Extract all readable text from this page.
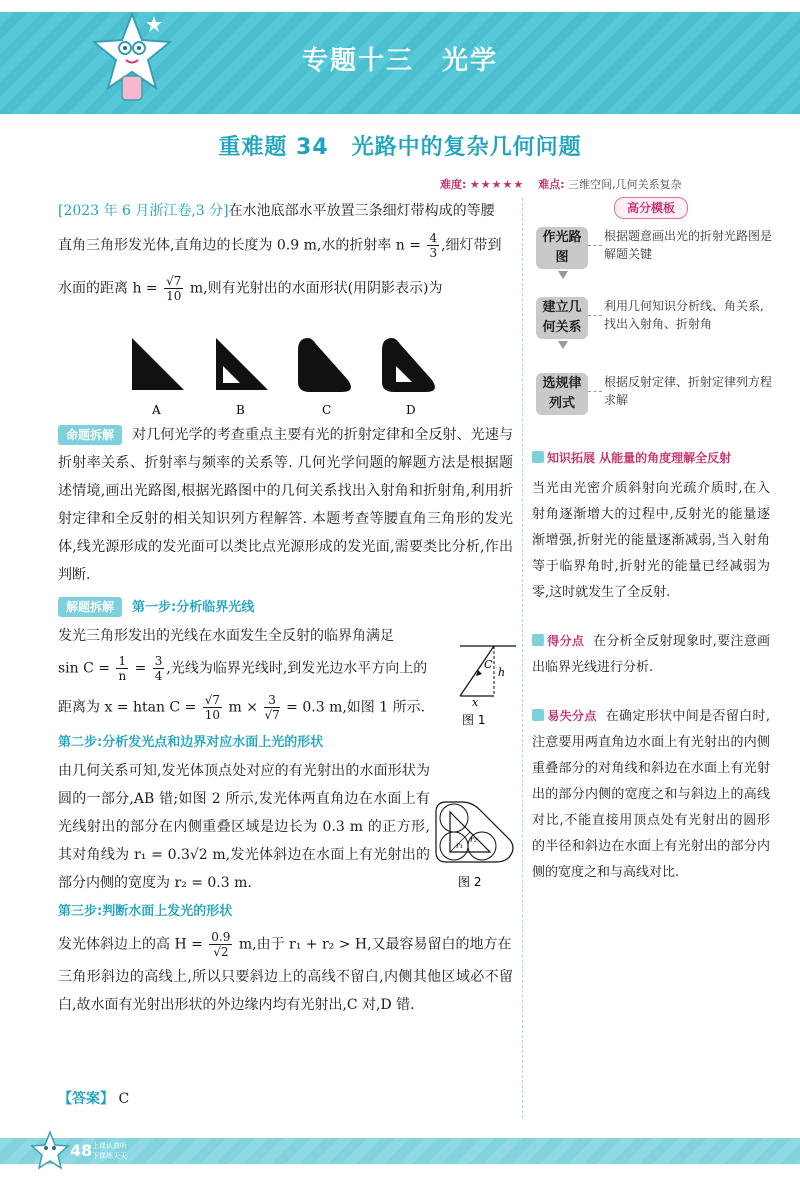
专题十三　光学
重难题 34　光路中的复杂几何问题
难度: ★★★★★ 难点: 三维空间,几何关系复杂

[2023 年 6 月浙江卷,3 分]在水池底部水平放置三条细灯带构成的等腰

直角三角形发光体,直角边的长度为 0.9 m,水的折射率 $n = \frac{4}{3}$ ,细灯带到

水面的距离 $h = \frac{√7}{10} m$,则有光射出的水面形状(用阴影表示)为

命题拆解 对几何光学的考查重点主要有光的折射定律和全反射、光速与折射率关系、折射率与频率的关系等. 几何光学问题的解题方法是根据题述情境,画出光路图,根据光路图中的几何关系找出入射角和折射角,利用折射定律和全反射的相关知识列方程解答. 本题考查等腰直角三角形的发光体,线光源形成的发光面可以类比点光源形成的发光面,需要类比分析,作出判断.

解题拆解 第一步:分析临界光线

发光三角形发出的光线在水面发生全反射的临界角满足

$\sin C = \frac{1}{n} = \frac{3}{4}$ ,光线为临界光线时,到发光边水平方向上的

距离为 x = htan $C = \frac{√7}{10}$ $m \times \frac{3}{√7} = 0.3$ m,如图 1 所示.

第二步:分析发光点和边界对应水面上光的形状

由几何关系可知,发光体顶点处对应的有光射出的水面形状为圆的一部分,AB 错;如图 2 所示,发光体两直角边在水面上有光线射出的部分在内侧重叠区域是边长为 0.3 m 的正方形,其对角线为 r₁ = 0.3√2 m,发光体斜边在水面上有光射出的部分内侧的宽度为 r₂ = 0.3 m.

第三步:判断水面上发光的形状

发光体斜边上的高 $H = \frac{0.9}{√2} m$,由于 r₁ + r₂ > H,又最容易留白的地方在

三角形斜边的高线上,所以只要斜边上的高线不留白,内侧其他区域必不留白,故水面有光射出形状的外边缘内均有光射出,C 对,D 错.

A	B	C	D
C
h
x
图 1
r₁
r₂
图 2
【答案】 C
高分模板
作光路图
根据题意画出光的折射光路图是解题关键
建立几何关系
利用几何知识分析线、角关系,找出入射角、折射角
选规律列式
根据反射定律、折射定律列方程求解
知识拓展 从能量的角度理解全反射
当光由光密介质斜射向光疏介质时,在入射角逐渐增大的过程中,反射光的能量逐渐增强,折射光的能量逐渐减弱,当入射角等于临界角时,折射光的能量已经减弱为零,这时就发生了全反射.
得分点 在分析全反射现象时,要注意画出临界光线进行分析.
易失分点 在确定形状中间是否留白时,注意要用两直角边水面上有光射出的内侧重叠部分的对角线和斜边在水面上有光射出的部分内侧的宽度之和与斜边上的高线对比,不能直接用顶点处有光射出的圆形的半径和斜边在水面上有光射出的部分内侧的宽度之和与高线对比.
48 上课认真听
下课练天天
